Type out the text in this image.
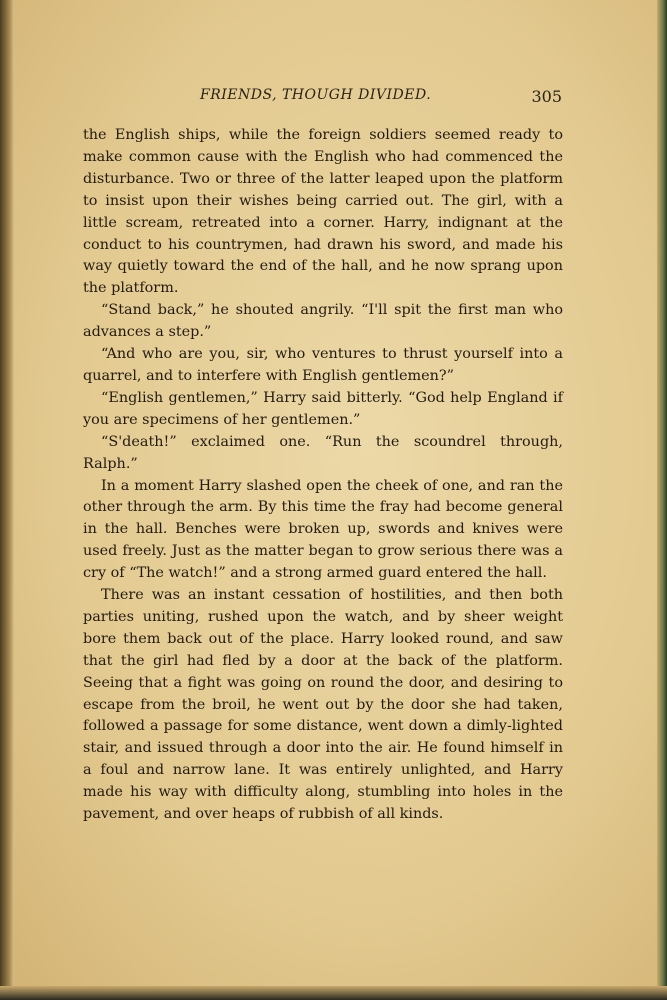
FRIENDS, THOUGH DIVIDED.	305

the English ships, while the foreign soldiers seemed ready to make common cause with the English who had commenced the disturbance. Two or three of the latter leaped upon the platform to insist upon their wishes being carried out. The girl, with a little scream, retreated into a corner. Harry, indignant at the conduct to his countrymen, had drawn his sword, and made his way quietly toward the end of the hall, and he now sprang upon the platform.

“Stand back,” he shouted angrily. “I'll spit the first man who advances a step.”

“And who are you, sir, who ventures to thrust yourself into a quarrel, and to interfere with English gentlemen?”

“English gentlemen,” Harry said bitterly. “God help England if you are specimens of her gentlemen.”

“S'death!” exclaimed one. “Run the scoundrel through, Ralph.”

In a moment Harry slashed open the cheek of one, and ran the other through the arm. By this time the fray had become general in the hall. Benches were broken up, swords and knives were used freely. Just as the matter began to grow serious there was a cry of “The watch!” and a strong armed guard entered the hall.

There was an instant cessation of hostilities, and then both parties uniting, rushed upon the watch, and by sheer weight bore them back out of the place. Harry looked round, and saw that the girl had fled by a door at the back of the platform. Seeing that a fight was going on round the door, and desiring to escape from the broil, he went out by the door she had taken, followed a passage for some distance, went down a dimly-lighted stair, and issued through a door into the air. He found himself in a foul and narrow lane. It was entirely unlighted, and Harry made his way with difficulty along, stumbling into holes in the pavement, and over heaps of rubbish of all kinds.
